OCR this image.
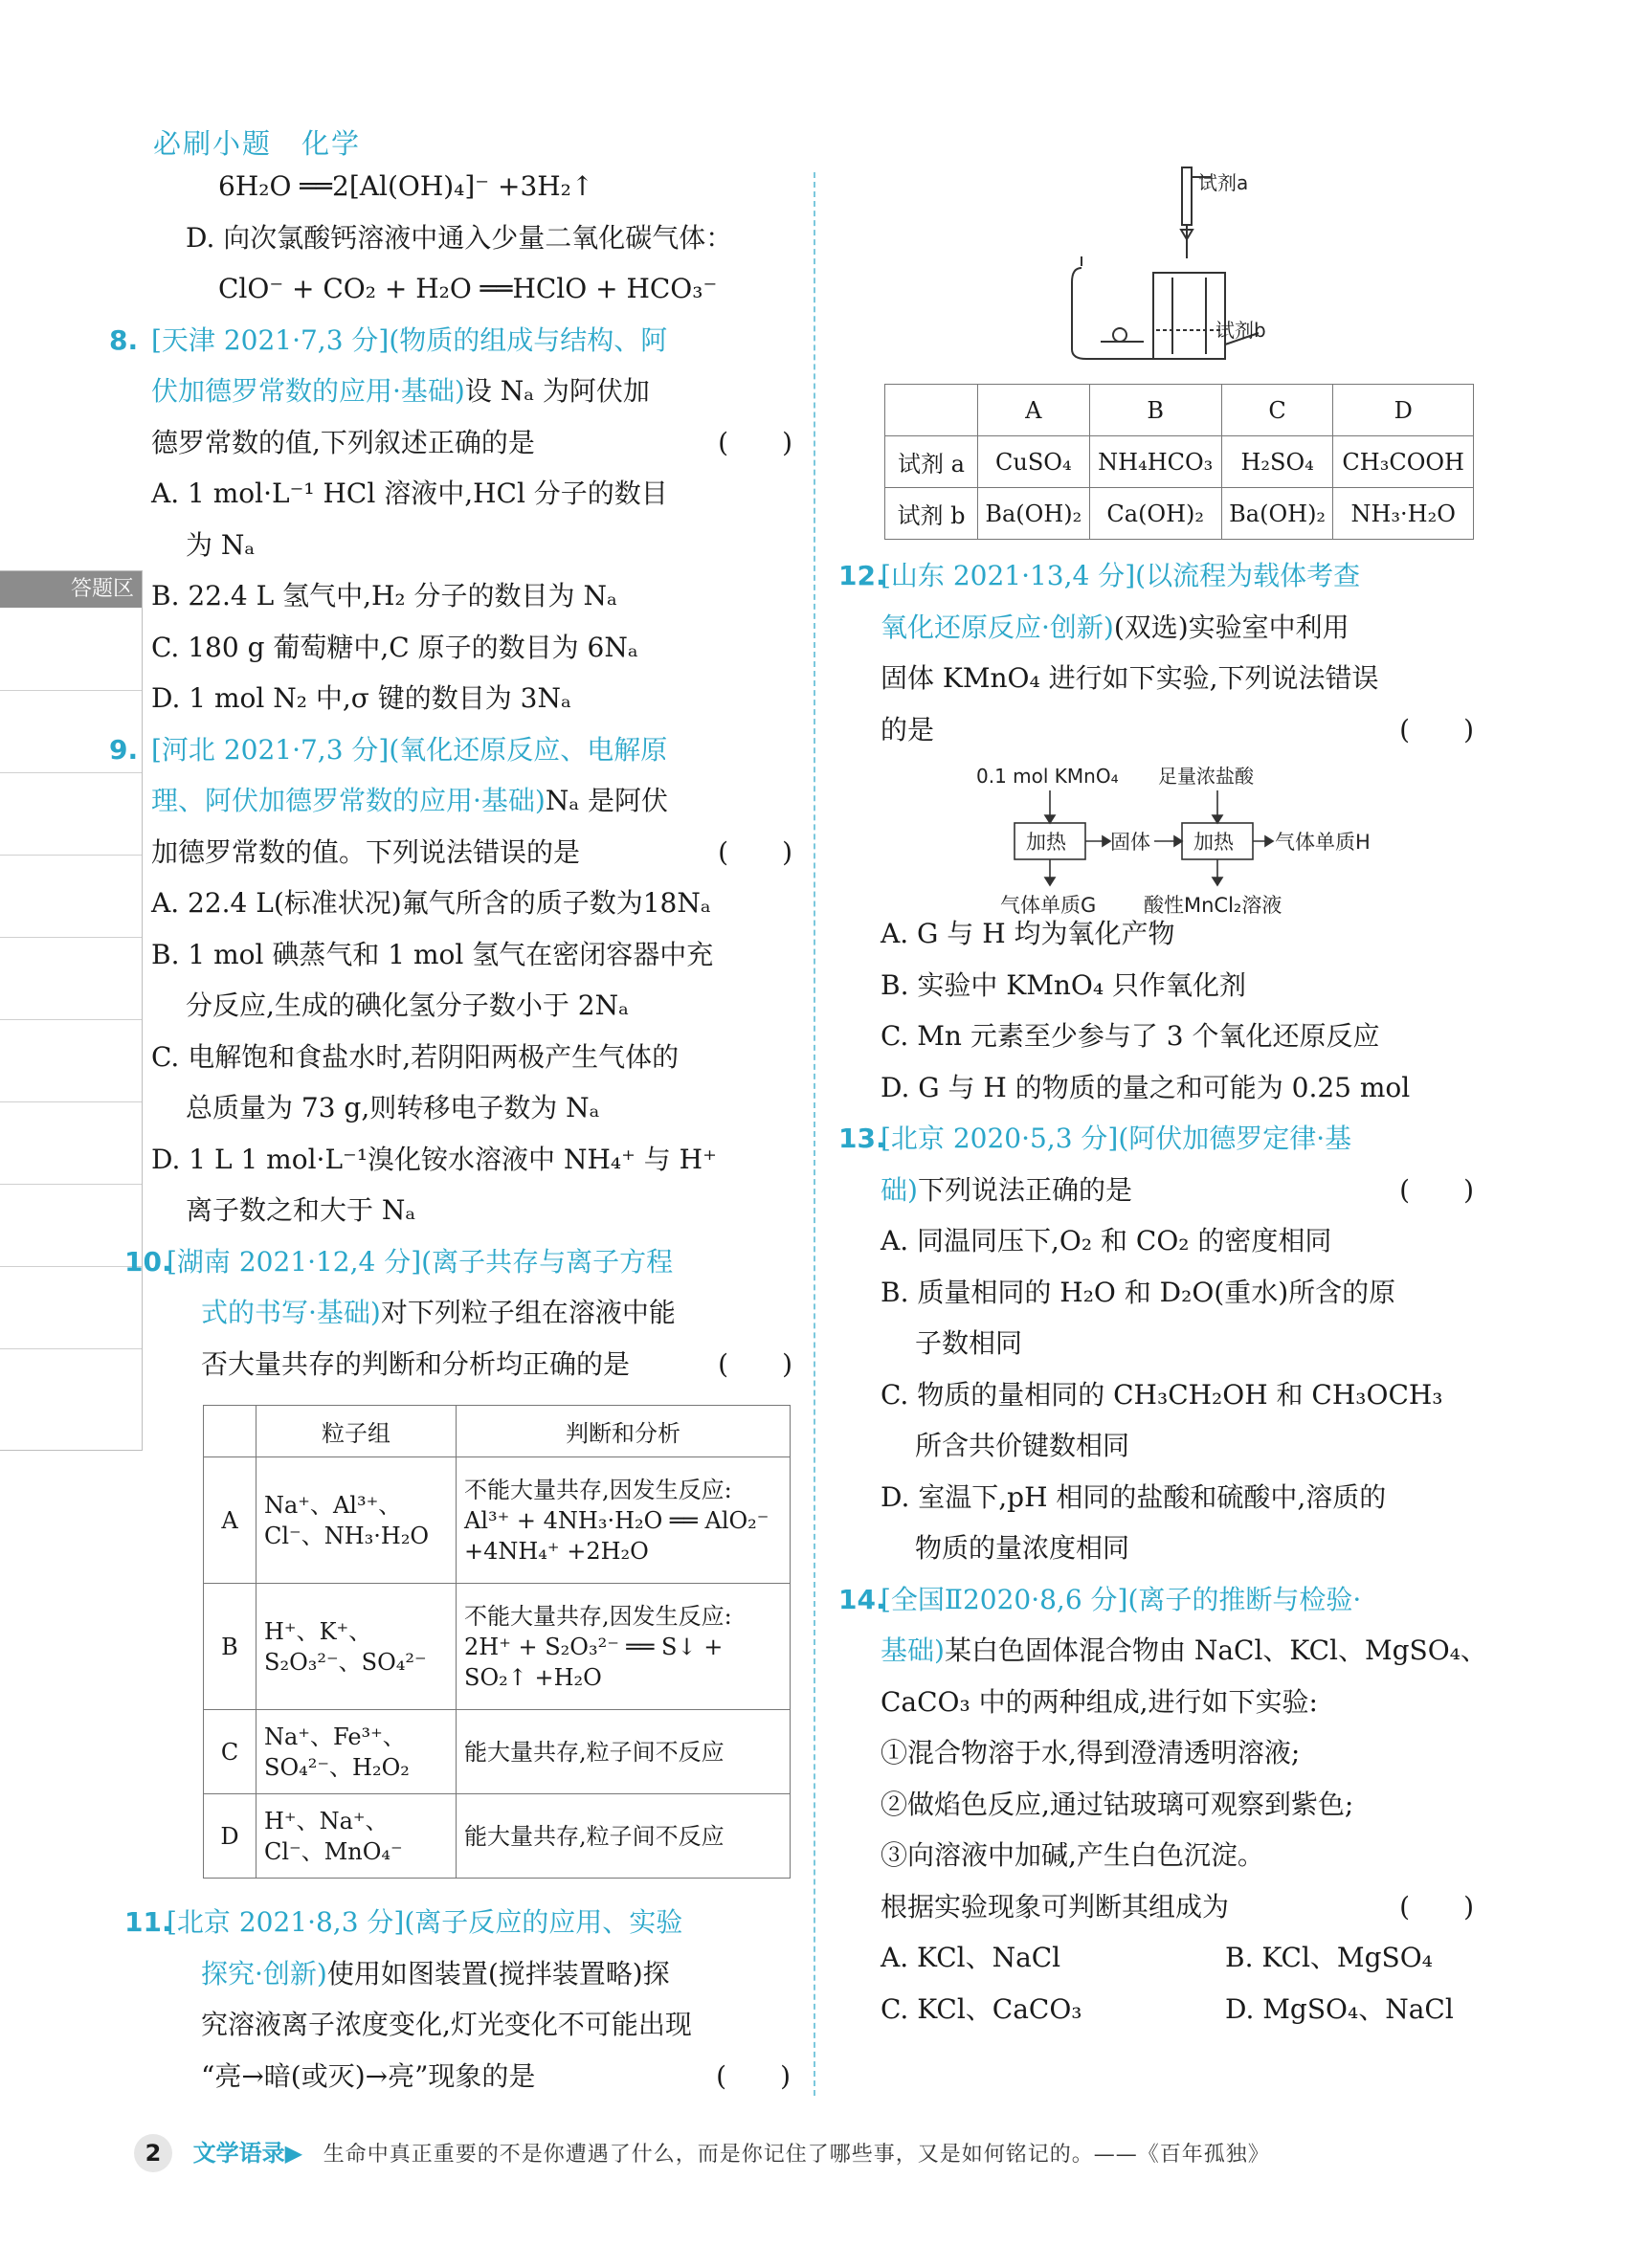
必刷小题　化学
答题区
6H₂O ══2[Al(OH)₄]⁻ +3H₂↑
D. 向次氯酸钙溶液中通入少量二氧化碳气体：
ClO⁻ + CO₂ + H₂O ══HClO + HCO₃⁻
8. [天津 2021·7,3 分](物质的组成与结构、阿
伏加德罗常数的应用·基础)设 Nₐ 为阿伏加
德罗常数的值,下列叙述正确的是	(　　)
A. 1 mol·L⁻¹ HCl 溶液中,HCl 分子的数目
为 Nₐ
B. 22.4 L 氢气中,H₂ 分子的数目为 Nₐ
C. 180 g 葡萄糖中,C 原子的数目为 6Nₐ
D. 1 mol N₂ 中,σ 键的数目为 3Nₐ
9. [河北 2021·7,3 分](氧化还原反应、电解原
理、阿伏加德罗常数的应用·基础)Nₐ 是阿伏
加德罗常数的值。下列说法错误的是	(　　)
A. 22.4 L(标准状况)氟气所含的质子数为18Nₐ
B. 1 mol 碘蒸气和 1 mol 氢气在密闭容器中充
分反应,生成的碘化氢分子数小于 2Nₐ
C. 电解饱和食盐水时,若阴阳两极产生气体的
总质量为 73 g,则转移电子数为 Nₐ
D. 1 L 1 mol·L⁻¹溴化铵水溶液中 NH₄⁺ 与 H⁺
离子数之和大于 Nₐ
10.[湖南 2021·12,4 分](离子共存与离子方程
式的书写·基础)对下列粒子组在溶液中能
否大量共存的判断和分析均正确的是	(　　)
	粒子组	判断和分析
A	Na⁺、Al³⁺、Cl⁻、NH₃·H₂O	不能大量共存,因发生反应: Al³⁺ + 4NH₃·H₂O ══ AlO₂⁻ +4NH₄⁺ +2H₂O
B	H⁺、K⁺、S₂O₃²⁻、SO₄²⁻	不能大量共存,因发生反应: 2H⁺ + S₂O₃²⁻ ══ S↓ + SO₂↑ +H₂O
C	Na⁺、Fe³⁺、SO₄²⁻、H₂O₂	能大量共存,粒子间不反应
D	H⁺、Na⁺、Cl⁻、MnO₄⁻	能大量共存,粒子间不反应
11.[北京 2021·8,3 分](离子反应的应用、实验
探究·创新)使用如图装置(搅拌装置略)探
究溶液离子浓度变化,灯光变化不可能出现
“亮→暗(或灭)→亮”现象的是	(　　)
试剂a
试剂b
	A	B	C	D
试剂 a	CuSO₄	NH₄HCO₃	H₂SO₄	CH₃COOH
试剂 b	Ba(OH)₂	Ca(OH)₂	Ba(OH)₂	NH₃·H₂O
12.[山东 2021·13,4 分](以流程为载体考查
氧化还原反应·创新)(双选)实验室中利用
固体 KMnO₄ 进行如下实验,下列说法错误
的是	(　　)
A. G 与 H 均为氧化产物
B. 实验中 KMnO₄ 只作氧化剂
C. Mn 元素至少参与了 3 个氧化还原反应
D. G 与 H 的物质的量之和可能为 0.25 mol
13.[北京 2020·5,3 分](阿伏加德罗定律·基
础)下列说法正确的是	(　　)
A. 同温同压下,O₂ 和 CO₂ 的密度相同
B. 质量相同的 H₂O 和 D₂O(重水)所含的原
子数相同
C. 物质的量相同的 CH₃CH₂OH 和 CH₃OCH₃
所含共价键数相同
D. 室温下,pH 相同的盐酸和硫酸中,溶质的
物质的量浓度相同
14.[全国Ⅱ2020·8,6 分](离子的推断与检验·
基础)某白色固体混合物由 NaCl、KCl、MgSO₄、
CaCO₃ 中的两种组成,进行如下实验:
①混合物溶于水,得到澄清透明溶液;
②做焰色反应,通过钴玻璃可观察到紫色;
③向溶液中加碱,产生白色沉淀。
根据实验现象可判断其组成为	(　　)
A. KCl、NaCl	B. KCl、MgSO₄
C. KCl、CaCO₃	D. MgSO₄、NaCl
0.1 mol KMnO₄ 足量浓盐酸
加热 固体 加热 气体单质H
气体单质G 酸性MnCl₂溶液
2 文学语录▶ 生命中真正重要的不是你遭遇了什么，而是你记住了哪些事，又是如何铭记的。——《百年孤独》
